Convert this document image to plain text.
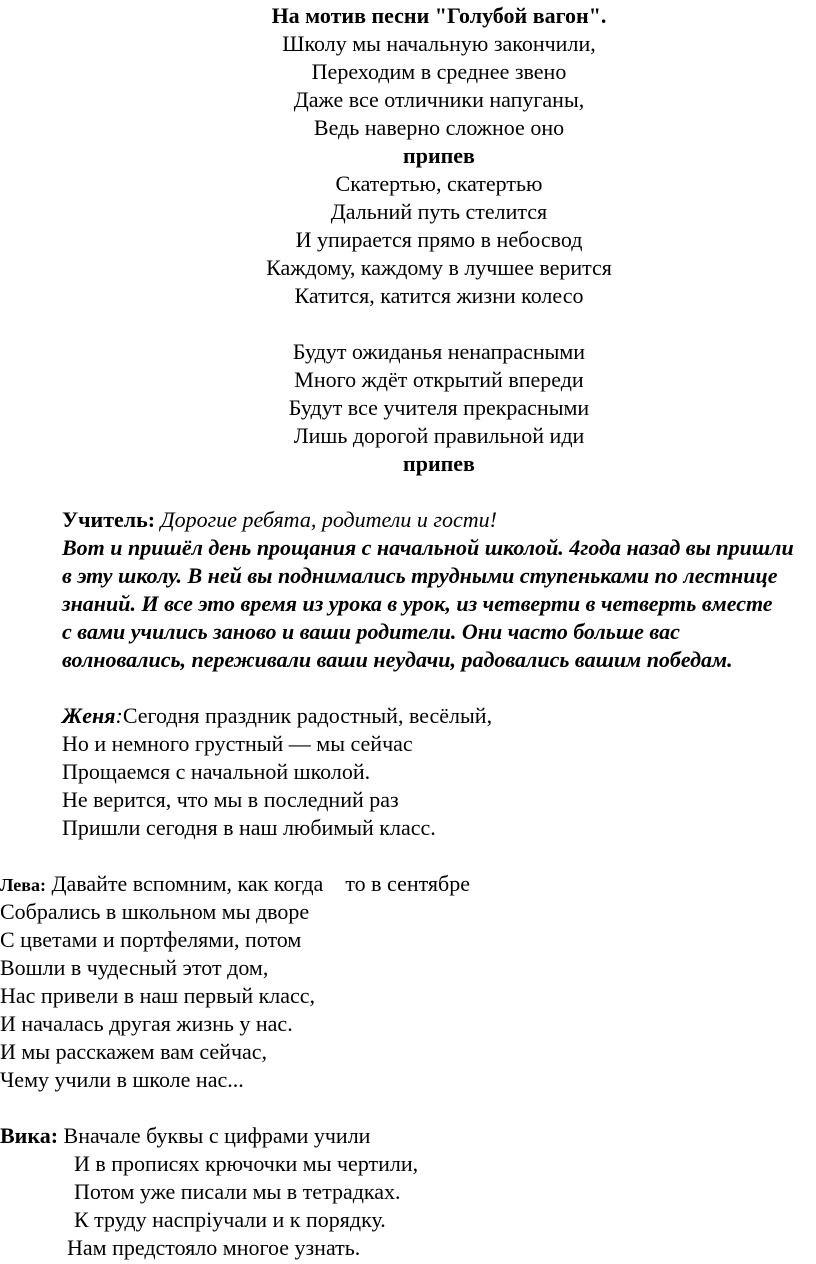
На мотив песни "Голубой вагон".
Школу мы начальную закончили,
Переходим в среднее звено
Даже все отличники напуганы,
Ведь наверно сложное оно
припев
Скатертью, скатертью
Дальний путь стелится
И упирается прямо в небосвод
Каждому, каждому в лучшее верится
Катится, катится жизни колесо
Будут ожиданья ненапрасными
Много ждёт открытий впереди
Будут все учителя прекрасными
Лишь дорогой правильной иди
припев
Учитель: Дорогие ребята, родители и гости!
Вот и пришёл день прощания с начальной школой. 4года назад вы пришли
в эту школу. В ней вы поднимались трудными ступеньками по лестнице
знаний. И все это время из урока в урок, из четверти в четверть вместе
с вами учились заново и ваши родители. Они часто больше вас
волновались, переживали ваши неудачи, радовались вашим победам.
Женя:Сегодня праздник радостный, весёлый,
Но и немного грустный — мы сейчас
Прощаемся с начальной школой.
Не верится, что мы в последний раз
Пришли сегодня в наш любимый класс.
Лева: Давайте вспомним, как когда    то в сентябре
Собрались в школьном мы дворе
С цветами и портфелями, потом
Вошли в чудесный этот дом,
Нас привели в наш первый класс,
И началась другая жизнь у нас.
И мы расскажем вам сейчас,
Чему учили в школе нас...
Вика: Вначале буквы с цифрами учили
И в прописях крючочки мы чертили,
Потом уже писали мы в тетрадках.
К труду наспріучали и к порядку.
Нам предстояло многое узнать.
